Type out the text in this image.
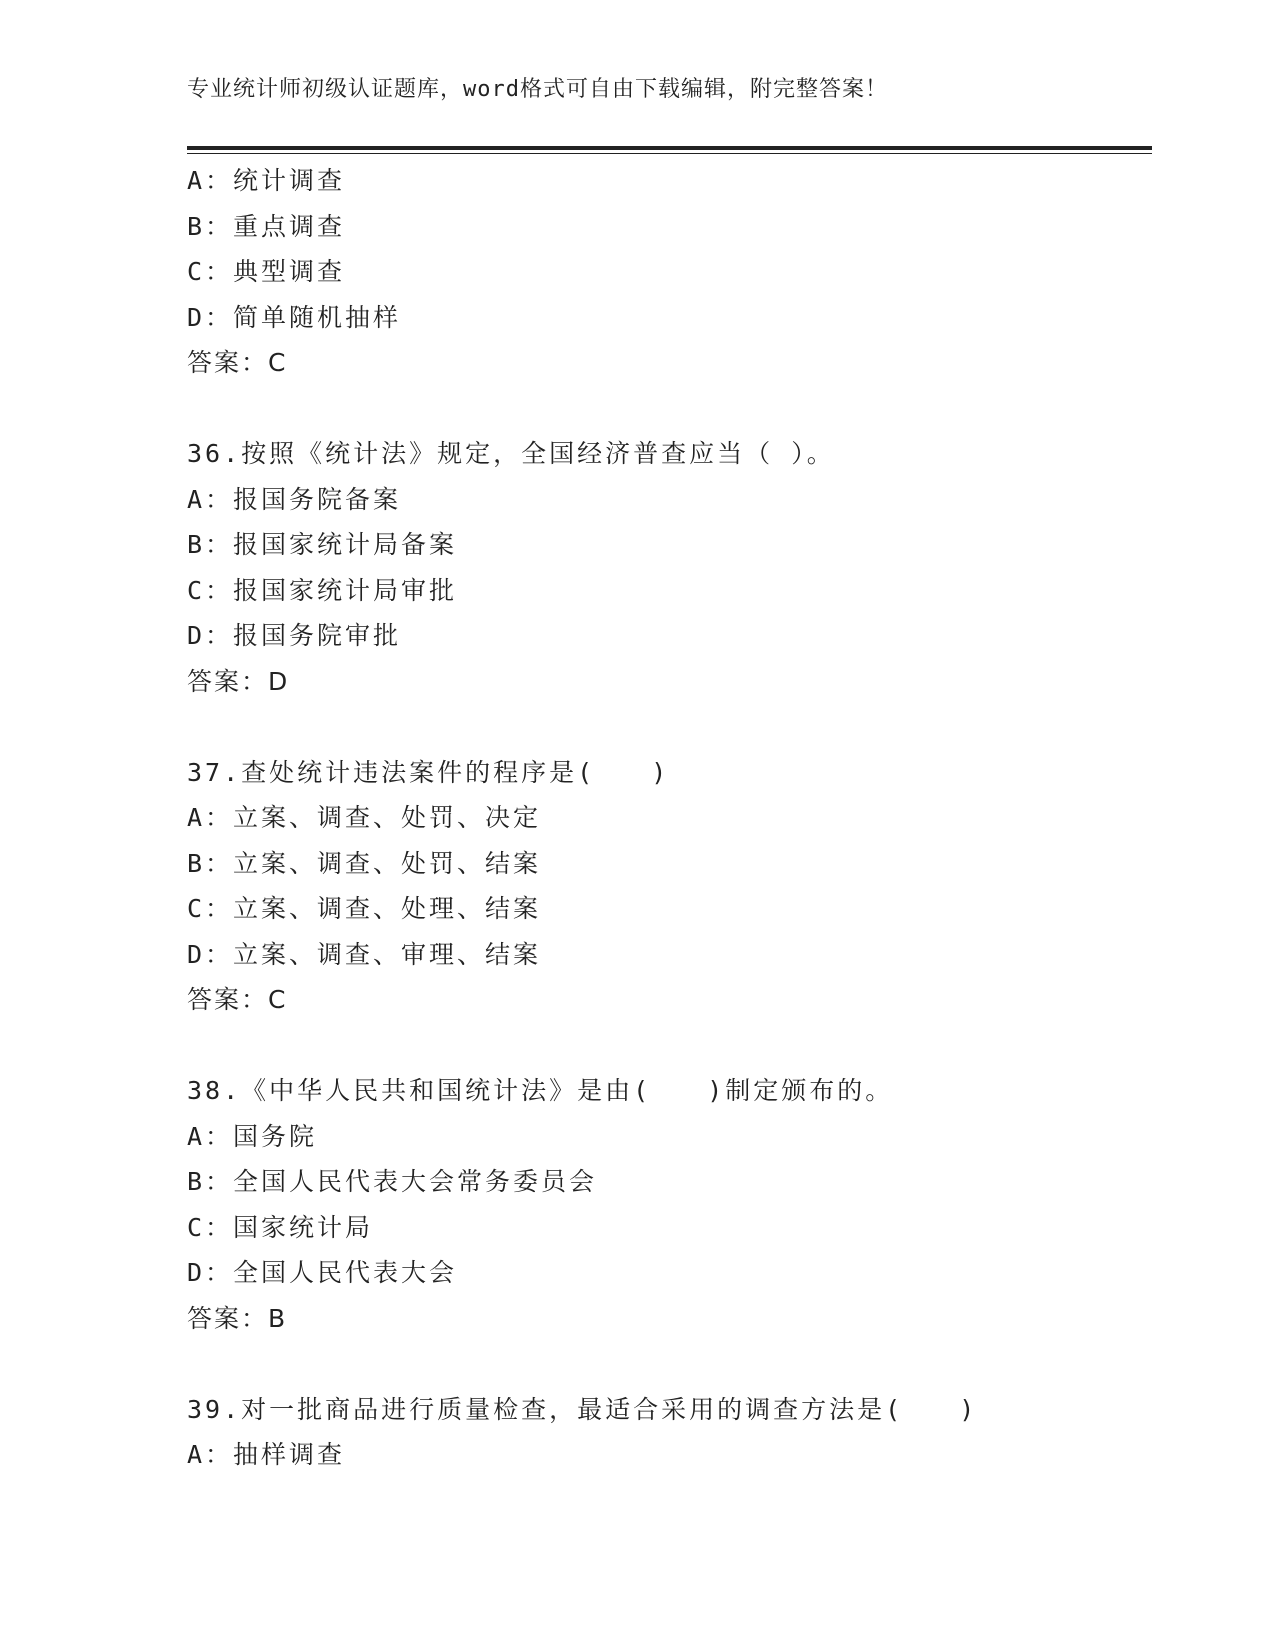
专业统计师初级认证题库，word格式可自由下载编辑，附完整答案！
A：统计调查
B：重点调查
C：典型调查
D：简单随机抽样
答案：C
36.按照《统计法》规定，全国经济普查应当（ ）。
A：报国务院备案
B：报国家统计局备案
C：报国家统计局审批
D：报国务院审批
答案：D
37.查处统计违法案件的程序是(　　)
A：立案、调查、处罚、决定
B：立案、调查、处罚、结案
C：立案、调查、处理、结案
D：立案、调查、审理、结案
答案：C
38.《中华人民共和国统计法》是由(　　)制定颁布的。
A：国务院
B：全国人民代表大会常务委员会
C：国家统计局
D：全国人民代表大会
答案：B
39.对一批商品进行质量检查，最适合采用的调查方法是(　　)
A：抽样调查
